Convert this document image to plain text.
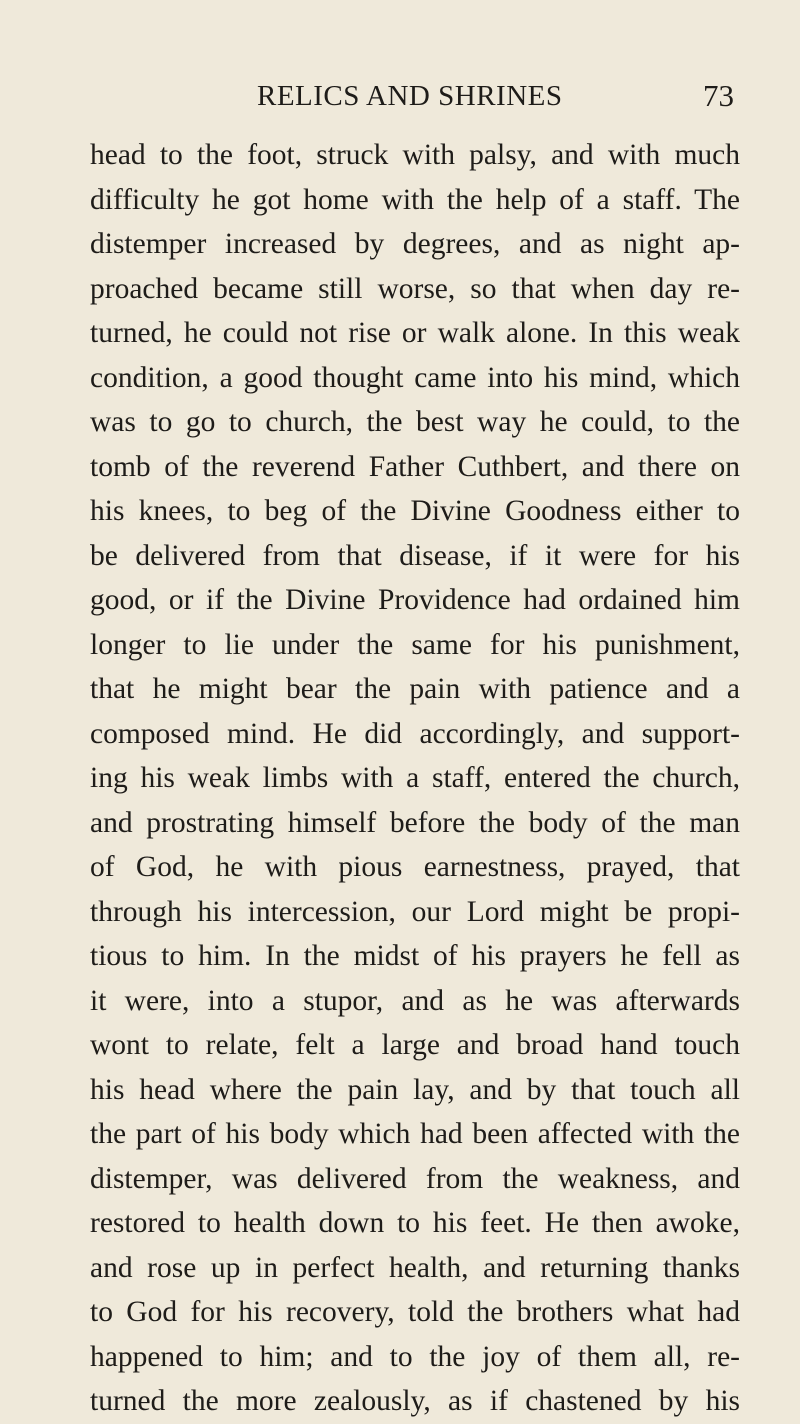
RELICS AND SHRINES	73
head to the foot, struck with palsy, and with much
difficulty he got home with the help of a staff. The
distemper increased by degrees, and as night ap-
proached became still worse, so that when day re-
turned, he could not rise or walk alone. In this weak
condition, a good thought came into his mind, which
was to go to church, the best way he could, to the
tomb of the reverend Father Cuthbert, and there on
his knees, to beg of the Divine Goodness either to
be delivered from that disease, if it were for his
good, or if the Divine Providence had ordained him
longer to lie under the same for his punishment,
that he might bear the pain with patience and a
composed mind. He did accordingly, and support-
ing his weak limbs with a staff, entered the church,
and prostrating himself before the body of the man
of God, he with pious earnestness, prayed, that
through his intercession, our Lord might be propi-
tious to him. In the midst of his prayers he fell as
it were, into a stupor, and as he was afterwards
wont to relate, felt a large and broad hand touch
his head where the pain lay, and by that touch all
the part of his body which had been affected with the
distemper, was delivered from the weakness, and
restored to health down to his feet. He then awoke,
and rose up in perfect health, and returning thanks
to God for his recovery, told the brothers what had
happened to him; and to the joy of them all, re-
turned the more zealously, as if chastened by his
